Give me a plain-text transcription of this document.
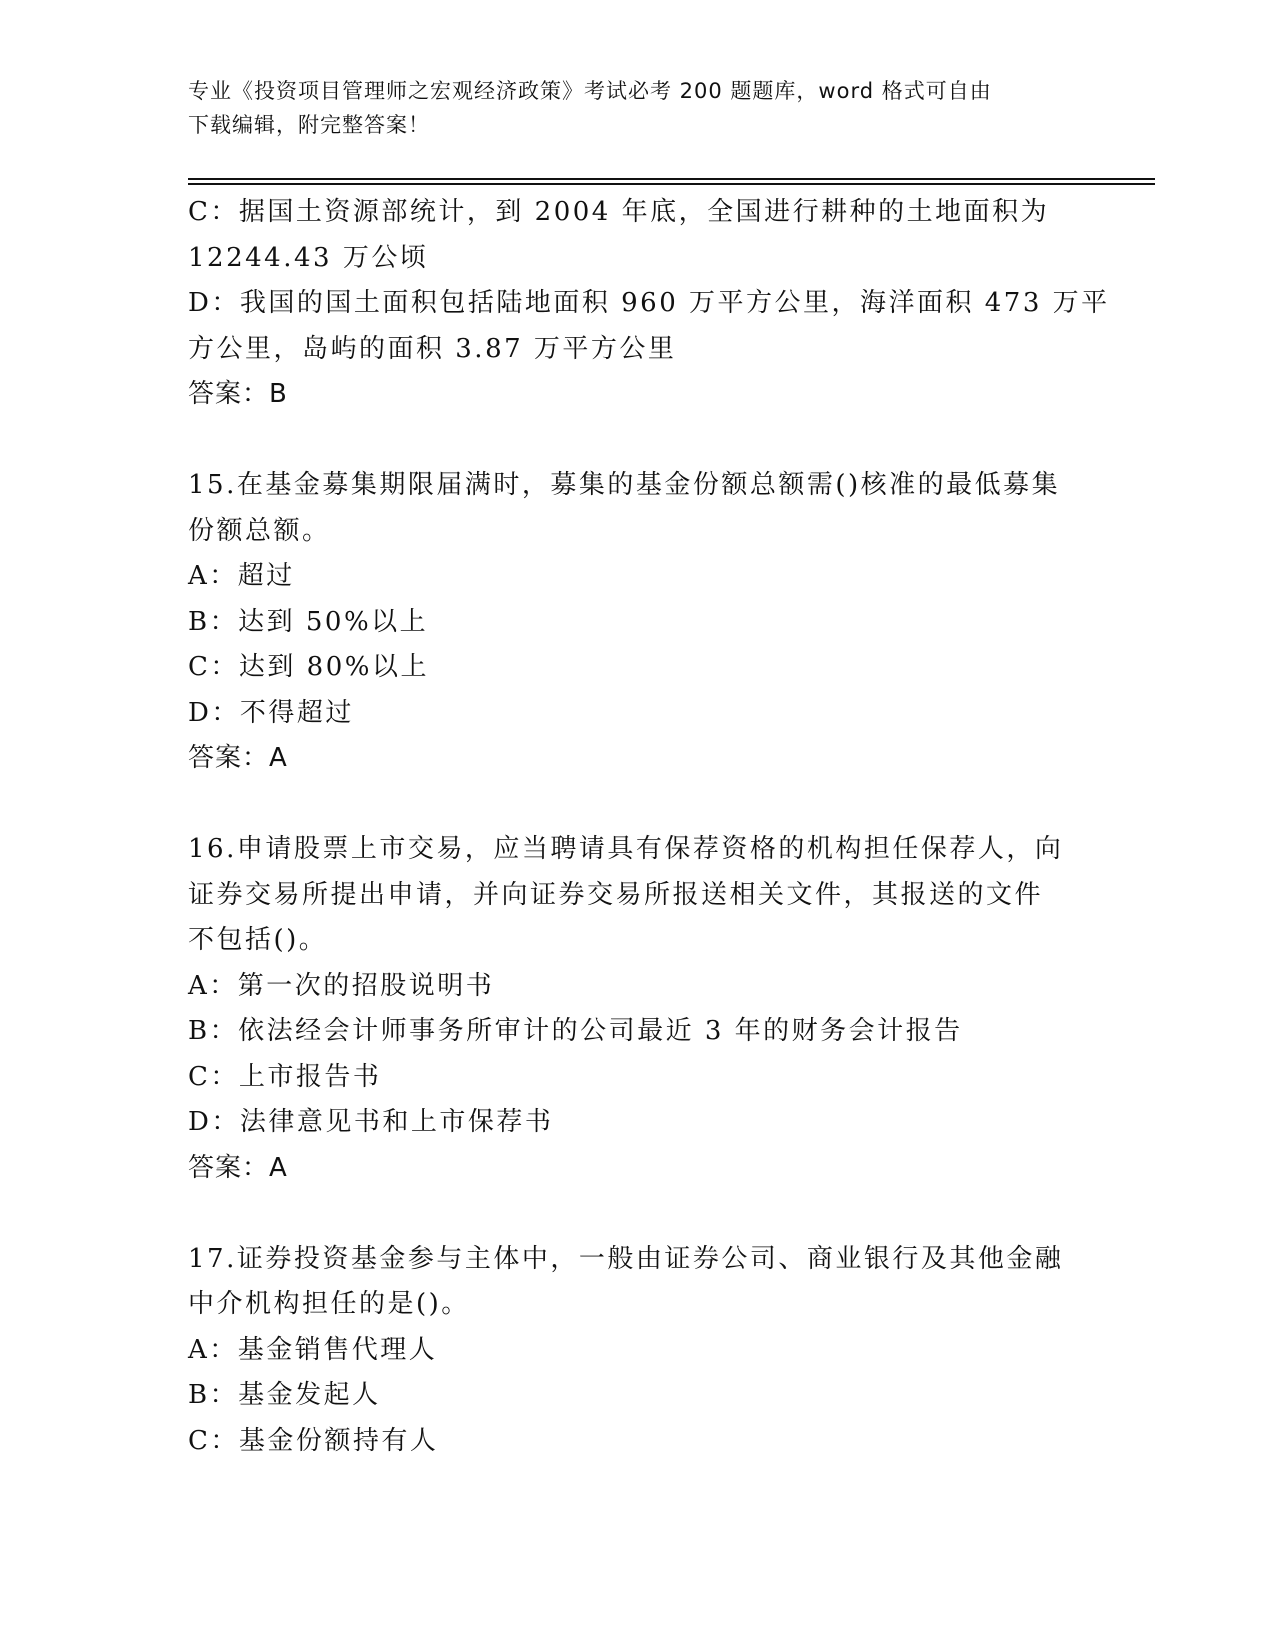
专业《投资项目管理师之宏观经济政策》考试必考 200 题题库，word 格式可自由
下载编辑，附完整答案！

C：据国土资源部统计，到 2004 年底，全国进行耕种的土地面积为

12244.43 万公顷

D：我国的国土面积包括陆地面积 960 万平方公里，海洋面积 473 万平

方公里，岛屿的面积 3.87 万平方公里

答案：B

15.在基金募集期限届满时，募集的基金份额总额需()核准的最低募集

份额总额。

A：超过

B：达到 50%以上

C：达到 80%以上

D：不得超过

答案：A

16.申请股票上市交易，应当聘请具有保荐资格的机构担任保荐人，向

证券交易所提出申请，并向证券交易所报送相关文件，其报送的文件

不包括()。

A：第一次的招股说明书

B：依法经会计师事务所审计的公司最近 3 年的财务会计报告

C：上市报告书

D：法律意见书和上市保荐书

答案：A

17.证券投资基金参与主体中，一般由证券公司、商业银行及其他金融

中介机构担任的是()。

A：基金销售代理人

B：基金发起人

C：基金份额持有人
